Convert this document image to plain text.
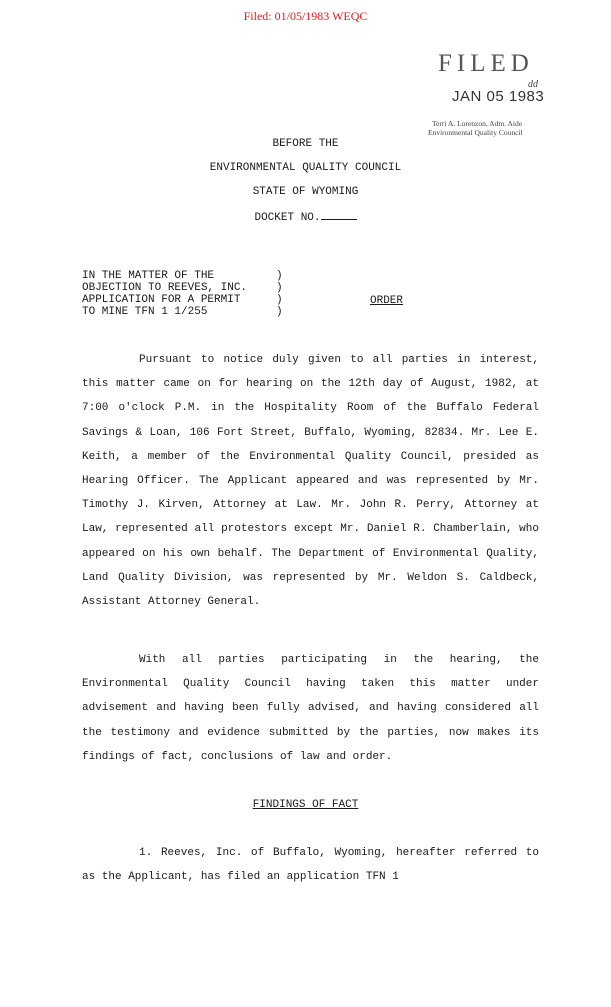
Filed: 01/05/1983 WEQC
FILED
dd
JAN 05 1983
Terri A. Lorenzon, Adm. Aide
Environmental Quality Council
BEFORE THE
ENVIRONMENTAL QUALITY COUNCIL
STATE OF WYOMING
DOCKET NO.
IN THE MATTER OF THE
OBJECTION TO REEVES, INC.
APPLICATION FOR A PERMIT
TO MINE TFN 1 1/255
)
)
)
)
ORDER
Pursuant to notice duly given to all parties in interest, this matter came on for hearing on the 12th day of August, 1982, at 7:00 o'clock P.M. in the Hospitality Room of the Buffalo Federal Savings & Loan, 106 Fort Street, Buffalo, Wyoming, 82834. Mr. Lee E. Keith, a member of the Environmental Quality Council, presided as Hearing Officer. The Applicant appeared and was represented by Mr. Timothy J. Kirven, Attorney at Law. Mr. John R. Perry, Attorney at Law, represented all protestors except Mr. Daniel R. Chamberlain, who appeared on his own behalf. The Department of Environmental Quality, Land Quality Division, was represented by Mr. Weldon S. Caldbeck, Assistant Attorney General.
With all parties participating in the hearing, the Environmental Quality Council having taken this matter under advisement and having been fully advised, and having considered all the testimony and evidence submitted by the parties, now makes its findings of fact, conclusions of law and order.
FINDINGS OF FACT
1. Reeves, Inc. of Buffalo, Wyoming, hereafter referred to as the Applicant, has filed an application TFN 1
